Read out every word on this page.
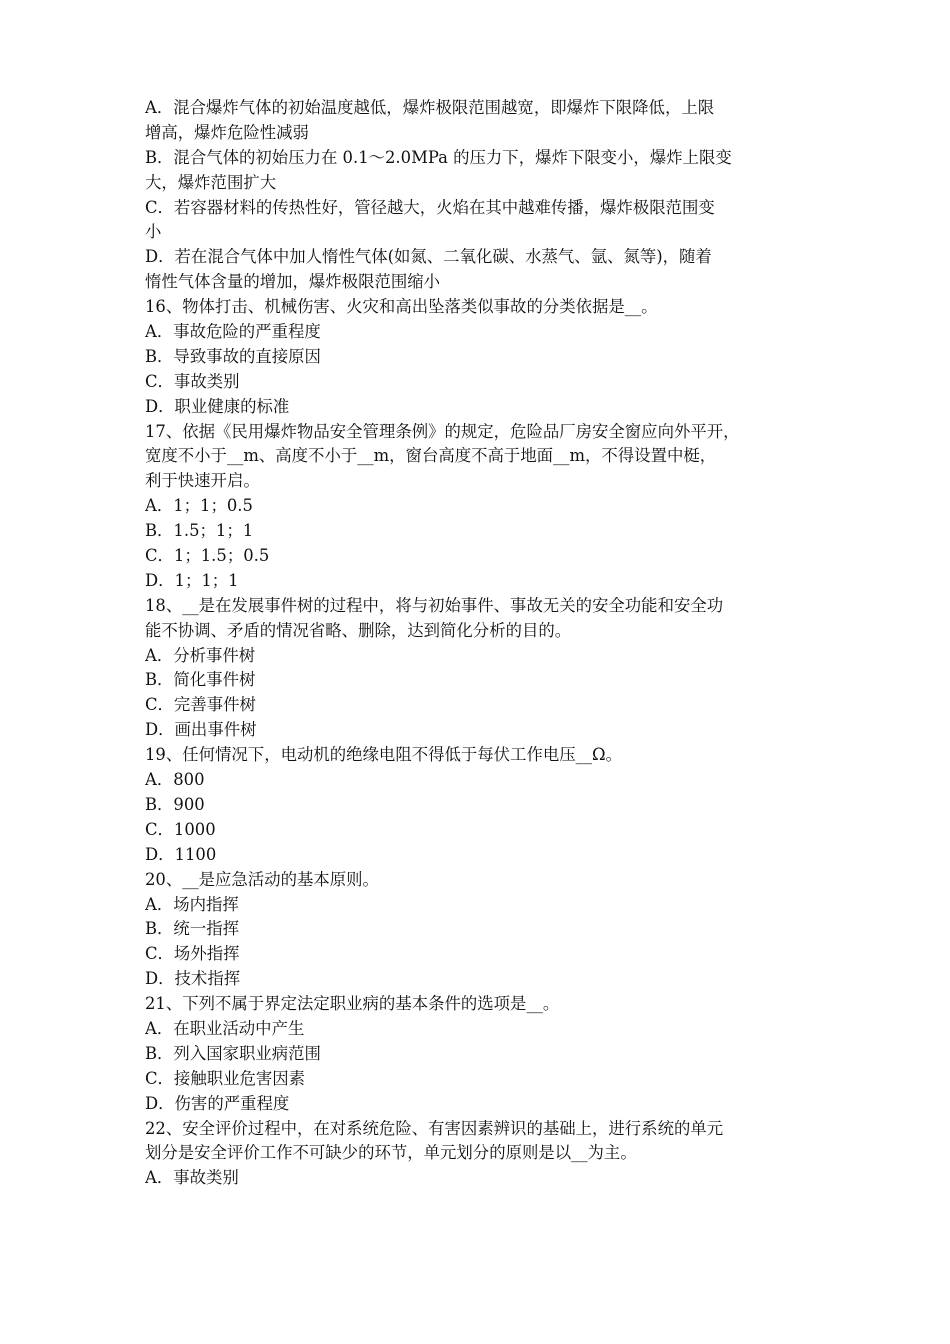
A．混合爆炸气体的初始温度越低，爆炸极限范围越宽，即爆炸下限降低，上限
增高，爆炸危险性减弱
B．混合气体的初始压力在 0.1～2.0MPa 的压力下，爆炸下限变小，爆炸上限变
大，爆炸范围扩大
C．若容器材料的传热性好，管径越大，火焰在其中越难传播，爆炸极限范围变
小
D．若在混合气体中加人惰性气体(如氮、二氧化碳、水蒸气、氩、氮等)，随着
惰性气体含量的增加，爆炸极限范围缩小
16、物体打击、机械伤害、火灾和高出坠落类似事故的分类依据是__。
A．事故危险的严重程度
B．导致事故的直接原因
C．事故类别
D．职业健康的标准
17、依据《民用爆炸物品安全管理条例》的规定，危险品厂房安全窗应向外平开，
宽度不小于__m、高度不小于__m，窗台高度不高于地面__m，不得设置中梃，
利于快速开启。
A．1；1；0.5
B．1.5；1；1
C．1；1.5；0.5
D．1；1；1
18、__是在发展事件树的过程中，将与初始事件、事故无关的安全功能和安全功
能不协调、矛盾的情况省略、删除，达到简化分析的目的。
A．分析事件树
B．简化事件树
C．完善事件树
D．画出事件树
19、任何情况下，电动机的绝缘电阻不得低于每伏工作电压__Ω。
A．800
B．900
C．1000
D．1100
20、__是应急活动的基本原则。
A．场内指挥
B．统一指挥
C．场外指挥
D．技术指挥
21、下列不属于界定法定职业病的基本条件的选项是__。
A．在职业活动中产生
B．列入国家职业病范围
C．接触职业危害因素
D．伤害的严重程度
22、安全评价过程中，在对系统危险、有害因素辨识的基础上，进行系统的单元
划分是安全评价工作不可缺少的环节，单元划分的原则是以__为主。
A．事故类别
